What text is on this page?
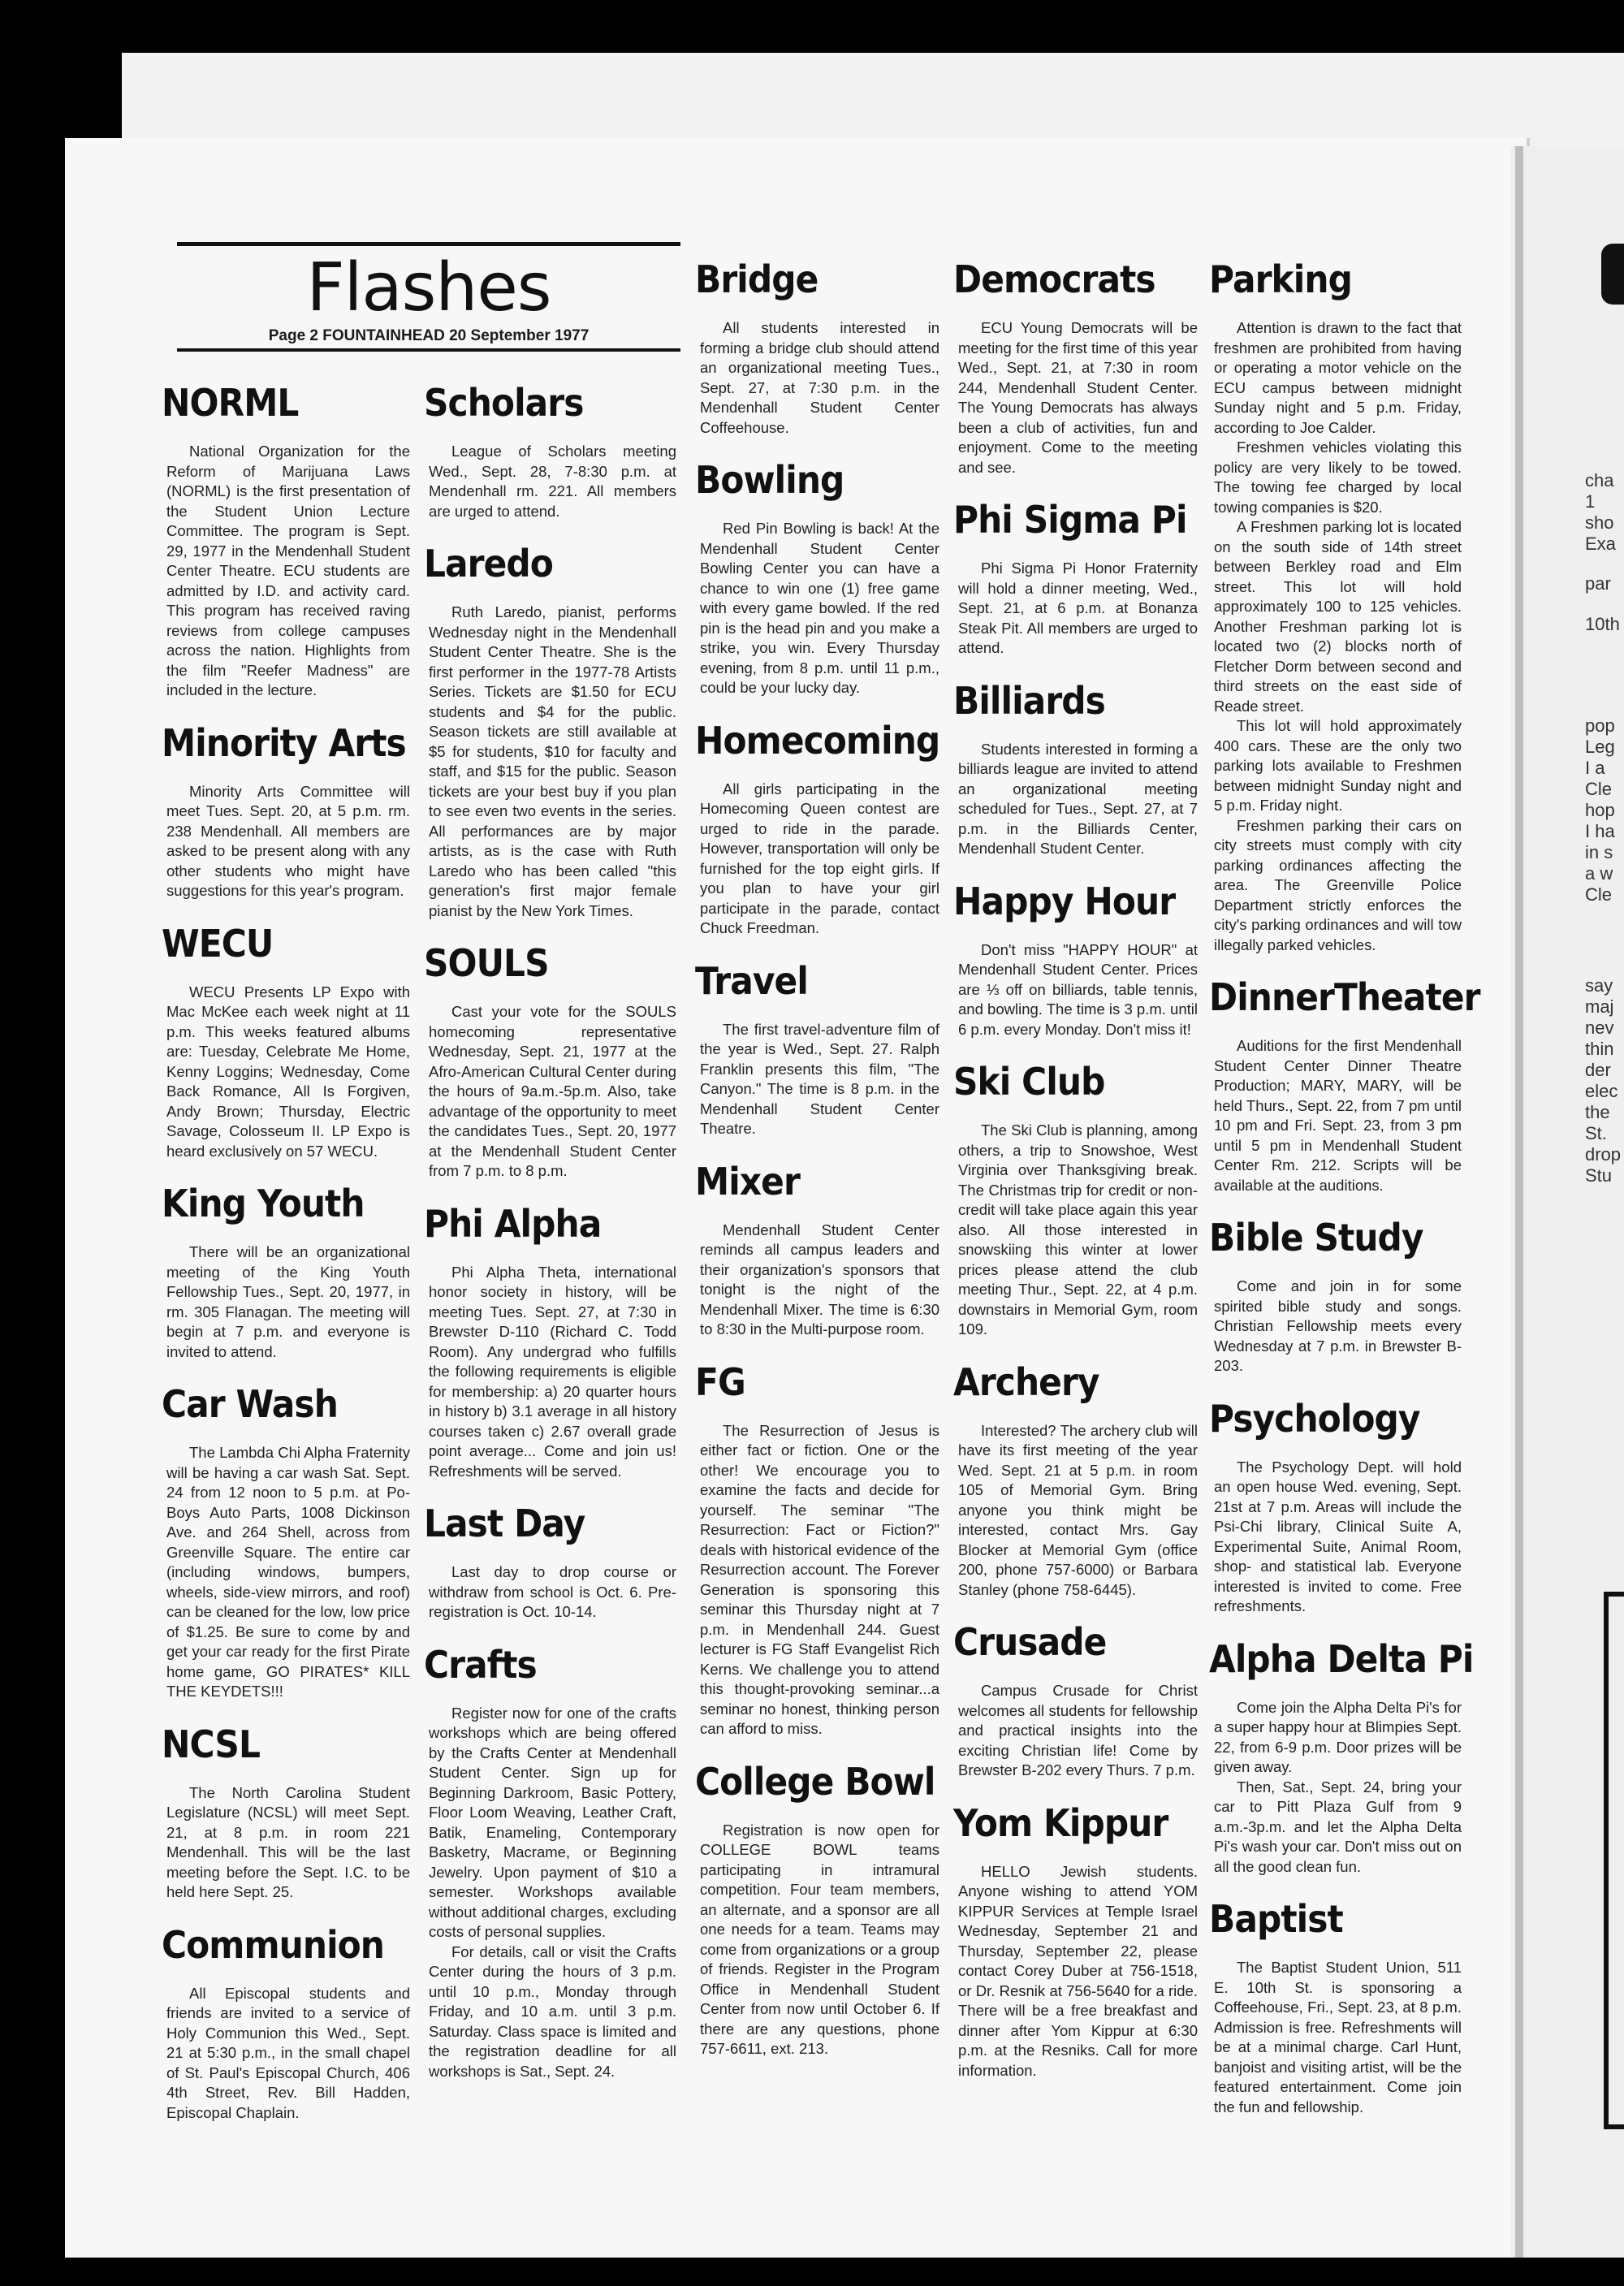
cha
1
sho
Exa
par
10th
pop
Leg
I a
Cle
hop
I ha
in s
a w
Cle
say
maj
nev
thin
der
elec
the
St.
drop
Stu
Flashes
Page 2 FOUNTAINHEAD 20 September 1977
NORML

National Organization for the Reform of Marijuana Laws (NORML) is the first presentation of the Student Union Lecture Committee. The program is Sept. 29, 1977 in the Mendenhall Student Center Theatre. ECU students are admitted by I.D. and activity card. This program has received raving reviews from college campuses across the nation. Highlights from the film "Reefer Madness" are included in the lecture.

Minority Arts

Minority Arts Committee will meet Tues. Sept. 20, at 5 p.m. rm. 238 Mendenhall. All members are asked to be present along with any other students who might have suggestions for this year's program.

WECU

WECU Presents LP Expo with Mac McKee each week night at 11 p.m. This weeks featured albums are: Tuesday, Celebrate Me Home, Kenny Loggins; Wednesday, Come Back Romance, All Is Forgiven, Andy Brown; Thursday, Electric Savage, Colosseum II. LP Expo is heard exclusively on 57 WECU.

King Youth

There will be an organizational meeting of the King Youth Fellowship Tues., Sept. 20, 1977, in rm. 305 Flanagan. The meeting will begin at 7 p.m. and everyone is invited to attend.

Car Wash

The Lambda Chi Alpha Fraternity will be having a car wash Sat. Sept. 24 from 12 noon to 5 p.m. at Po-Boys Auto Parts, 1008 Dickinson Ave. and 264 Shell, across from Greenville Square. The entire car (including windows, bumpers, wheels, side-view mirrors, and roof) can be cleaned for the low, low price of $1.25. Be sure to come by and get your car ready for the first Pirate home game, GO PIRATES* KILL THE KEYDETS!!!

NCSL

The North Carolina Student Legislature (NCSL) will meet Sept. 21, at 8 p.m. in room 221 Mendenhall. This will be the last meeting before the Sept. I.C. to be held here Sept. 25.

Communion

All Episcopal students and friends are invited to a service of Holy Communion this Wed., Sept. 21 at 5:30 p.m., in the small chapel of St. Paul's Episcopal Church, 406 4th Street, Rev. Bill Hadden, Episcopal Chaplain.

Scholars

League of Scholars meeting Wed., Sept. 28, 7-8:30 p.m. at Mendenhall rm. 221. All members are urged to attend.

Laredo

Ruth Laredo, pianist, performs Wednesday night in the Mendenhall Student Center Theatre. She is the first performer in the 1977-78 Artists Series. Tickets are $1.50 for ECU students and $4 for the public. Season tickets are still available at $5 for students, $10 for faculty and staff, and $15 for the public. Season tickets are your best buy if you plan to see even two events in the series. All performances are by major artists, as is the case with Ruth Laredo who has been called "this generation's first major female pianist by the New York Times.

SOULS

Cast your vote for the SOULS homecoming representative Wednesday, Sept. 21, 1977 at the Afro-American Cultural Center during the hours of 9a.m.-5p.m. Also, take advantage of the opportunity to meet the candidates Tues., Sept. 20, 1977 at the Mendenhall Student Center from 7 p.m. to 8 p.m.

Phi Alpha

Phi Alpha Theta, international honor society in history, will be meeting Tues. Sept. 27, at 7:30 in Brewster D-110 (Richard C. Todd Room). Any undergrad who fulfills the following requirements is eligible for membership: a) 20 quarter hours in history b) 3.1 average in all history courses taken c) 2.67 overall grade point average... Come and join us! Refreshments will be served.

Last Day

Last day to drop course or withdraw from school is Oct. 6. Pre-registration is Oct. 10-14.

Crafts

Register now for one of the crafts workshops which are being offered by the Crafts Center at Mendenhall Student Center. Sign up for Beginning Darkroom, Basic Pottery, Floor Loom Weaving, Leather Craft, Batik, Enameling, Contemporary Basketry, Macrame, or Beginning Jewelry. Upon payment of $10 a semester. Workshops available without additional charges, excluding costs of personal supplies.

For details, call or visit the Crafts Center during the hours of 3 p.m. until 10 p.m., Monday through Friday, and 10 a.m. until 3 p.m. Saturday. Class space is limited and the registration deadline for all workshops is Sat., Sept. 24.

Bridge

All students interested in forming a bridge club should attend an organizational meeting Tues., Sept. 27, at 7:30 p.m. in the Mendenhall Student Center Coffeehouse.

Bowling

Red Pin Bowling is back! At the Mendenhall Student Center Bowling Center you can have a chance to win one (1) free game with every game bowled. If the red pin is the head pin and you make a strike, you win. Every Thursday evening, from 8 p.m. until 11 p.m., could be your lucky day.

Homecoming

All girls participating in the Homecoming Queen contest are urged to ride in the parade. However, transportation will only be furnished for the top eight girls. If you plan to have your girl participate in the parade, contact Chuck Freedman.

Travel

The first travel-adventure film of the year is Wed., Sept. 27. Ralph Franklin presents this film, "The Canyon." The time is 8 p.m. in the Mendenhall Student Center Theatre.

Mixer

Mendenhall Student Center reminds all campus leaders and their organization's sponsors that tonight is the night of the Mendenhall Mixer. The time is 6:30 to 8:30 in the Multi-purpose room.

FG

The Resurrection of Jesus is either fact or fiction. One or the other! We encourage you to examine the facts and decide for yourself. The seminar "The Resurrection: Fact or Fiction?" deals with historical evidence of the Resurrection account. The Forever Generation is sponsoring this seminar this Thursday night at 7 p.m. in Mendenhall 244. Guest lecturer is FG Staff Evangelist Rich Kerns. We challenge you to attend this thought-provoking seminar...a seminar no honest, thinking person can afford to miss.

College Bowl

Registration is now open for COLLEGE BOWL teams participating in intramural competition. Four team members, an alternate, and a sponsor are all one needs for a team. Teams may come from organizations or a group of friends. Register in the Program Office in Mendenhall Student Center from now until October 6. If there are any questions, phone 757-6611, ext. 213.

Democrats

ECU Young Democrats will be meeting for the first time of this year Wed., Sept. 21, at 7:30 in room 244, Mendenhall Student Center. The Young Democrats has always been a club of activities, fun and enjoyment. Come to the meeting and see.

Phi Sigma Pi

Phi Sigma Pi Honor Fraternity will hold a dinner meeting, Wed., Sept. 21, at 6 p.m. at Bonanza Steak Pit. All members are urged to attend.

Billiards

Students interested in forming a billiards league are invited to attend an organizational meeting scheduled for Tues., Sept. 27, at 7 p.m. in the Billiards Center, Mendenhall Student Center.

Happy Hour

Don't miss "HAPPY HOUR" at Mendenhall Student Center. Prices are ⅓ off on billiards, table tennis, and bowling. The time is 3 p.m. until 6 p.m. every Monday. Don't miss it!

Ski Club

The Ski Club is planning, among others, a trip to Snowshoe, West Virginia over Thanksgiving break. The Christmas trip for credit or non-credit will take place again this year also. All those interested in snowskiing this winter at lower prices please attend the club meeting Thur., Sept. 22, at 4 p.m. downstairs in Memorial Gym, room 109.

Archery

Interested? The archery club will have its first meeting of the year Wed. Sept. 21 at 5 p.m. in room 105 of Memorial Gym. Bring anyone you think might be interested, contact Mrs. Gay Blocker at Memorial Gym (office 200, phone 757-6000) or Barbara Stanley (phone 758-6445).

Crusade

Campus Crusade for Christ welcomes all students for fellowship and practical insights into the exciting Christian life! Come by Brewster B-202 every Thurs. 7 p.m.

Yom Kippur

HELLO Jewish students. Anyone wishing to attend YOM KIPPUR Services at Temple Israel Wednesday, September 21 and Thursday, September 22, please contact Corey Duber at 756-1518, or Dr. Resnik at 756-5640 for a ride. There will be a free breakfast and dinner after Yom Kippur at 6:30 p.m. at the Resniks. Call for more information.

Parking

Attention is drawn to the fact that freshmen are prohibited from having or operating a motor vehicle on the ECU campus between midnight Sunday night and 5 p.m. Friday, according to Joe Calder.

Freshmen vehicles violating this policy are very likely to be towed. The towing fee charged by local towing companies is $20.

A Freshmen parking lot is located on the south side of 14th street between Berkley road and Elm street. This lot will hold approximately 100 to 125 vehicles. Another Freshman parking lot is located two (2) blocks north of Fletcher Dorm between second and third streets on the east side of Reade street.

This lot will hold approximately 400 cars. These are the only two parking lots available to Freshmen between midnight Sunday night and 5 p.m. Friday night.

Freshmen parking their cars on city streets must comply with city parking ordinances affecting the area. The Greenville Police Department strictly enforces the city's parking ordinances and will tow illegally parked vehicles.

DinnerTheater

Auditions for the first Mendenhall Student Center Dinner Theatre Production; MARY, MARY, will be held Thurs., Sept. 22, from 7 pm until 10 pm and Fri. Sept. 23, from 3 pm until 5 pm in Mendenhall Student Center Rm. 212. Scripts will be available at the auditions.

Bible Study

Come and join in for some spirited bible study and songs. Christian Fellowship meets every Wednesday at 7 p.m. in Brewster B-203.

Psychology

The Psychology Dept. will hold an open house Wed. evening, Sept. 21st at 7 p.m. Areas will include the Psi-Chi library, Clinical Suite A, Experimental Suite, Animal Room, shop- and statistical lab. Everyone interested is invited to come. Free refreshments.

Alpha Delta Pi

Come join the Alpha Delta Pi's for a super happy hour at Blimpies Sept. 22, from 6-9 p.m. Door prizes will be given away.

Then, Sat., Sept. 24, bring your car to Pitt Plaza Gulf from 9 a.m.-3p.m. and let the Alpha Delta Pi's wash your car. Don't miss out on all the good clean fun.

Baptist

The Baptist Student Union, 511 E. 10th St. is sponsoring a Coffeehouse, Fri., Sept. 23, at 8 p.m. Admission is free. Refreshments will be at a minimal charge. Carl Hunt, banjoist and visiting artist, will be the featured entertainment. Come join the fun and fellowship.
